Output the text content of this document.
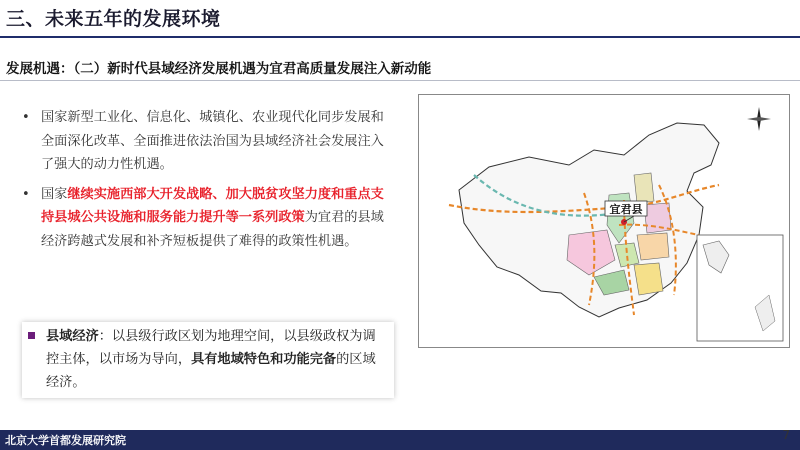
三、未来五年的发展环境
发展机遇：（二）新时代县域经济发展机遇为宜君高质量发展注入新动能
• 国家新型工业化、信息化、城镇化、农业现代化同步发展和全面深化改革、全面推进依法治国为县域经济社会发展注入了强大的动力性机遇。
• 国家继续实施西部大开发战略、加大脱贫攻坚力度和重点支持县城公共设施和服务能力提升等一系列政策为宜君的县域经济跨越式发展和补齐短板提供了难得的政策性机遇。
县域经济：以县级行政区划为地理空间，以县级政权为调控主体，以市场为导向，具有地域特色和功能完备的区域经济。
宜君县
北京大学首都发展研究院	7
